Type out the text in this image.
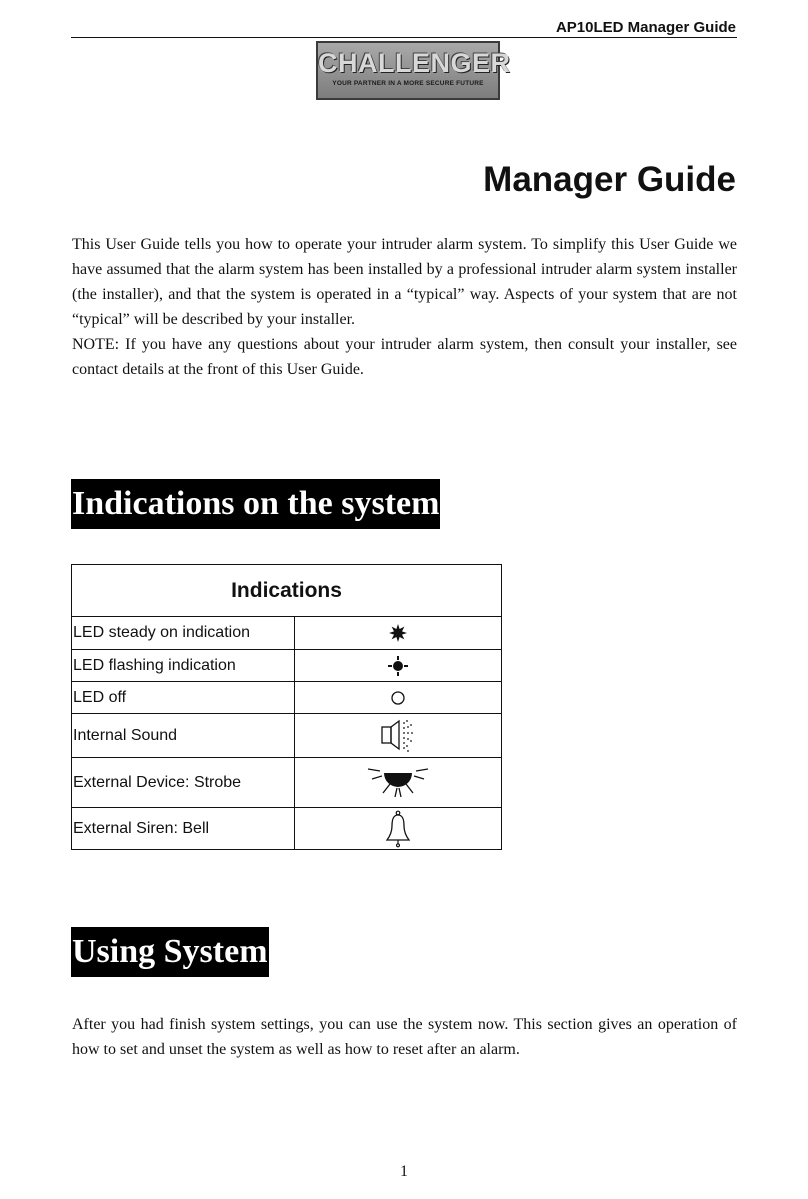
AP10LED Manager Guide
CHALLENGER
YOUR PARTNER IN A MORE SECURE FUTURE
Manager Guide

This User Guide tells you how to operate your intruder alarm system. To simplify this User Guide we have assumed that the alarm system has been installed by a professional intruder alarm system installer (the installer), and that the system is operated in a “typical” way. Aspects of your system that are not “typical” will be described by your installer.

NOTE: If you have any questions about your intruder alarm system, then consult your installer, see contact details at the front of this User Guide.

Indications on the system
Indications	
LED steady on indication	

LED flashing indication	

LED off	

Internal Sound	

External Device: Strobe	

External Siren: Bell	
Using System

After you had finish system settings, you can use the system now. This section gives an operation of how to set and unset the system as well as how to reset after an alarm.

1
